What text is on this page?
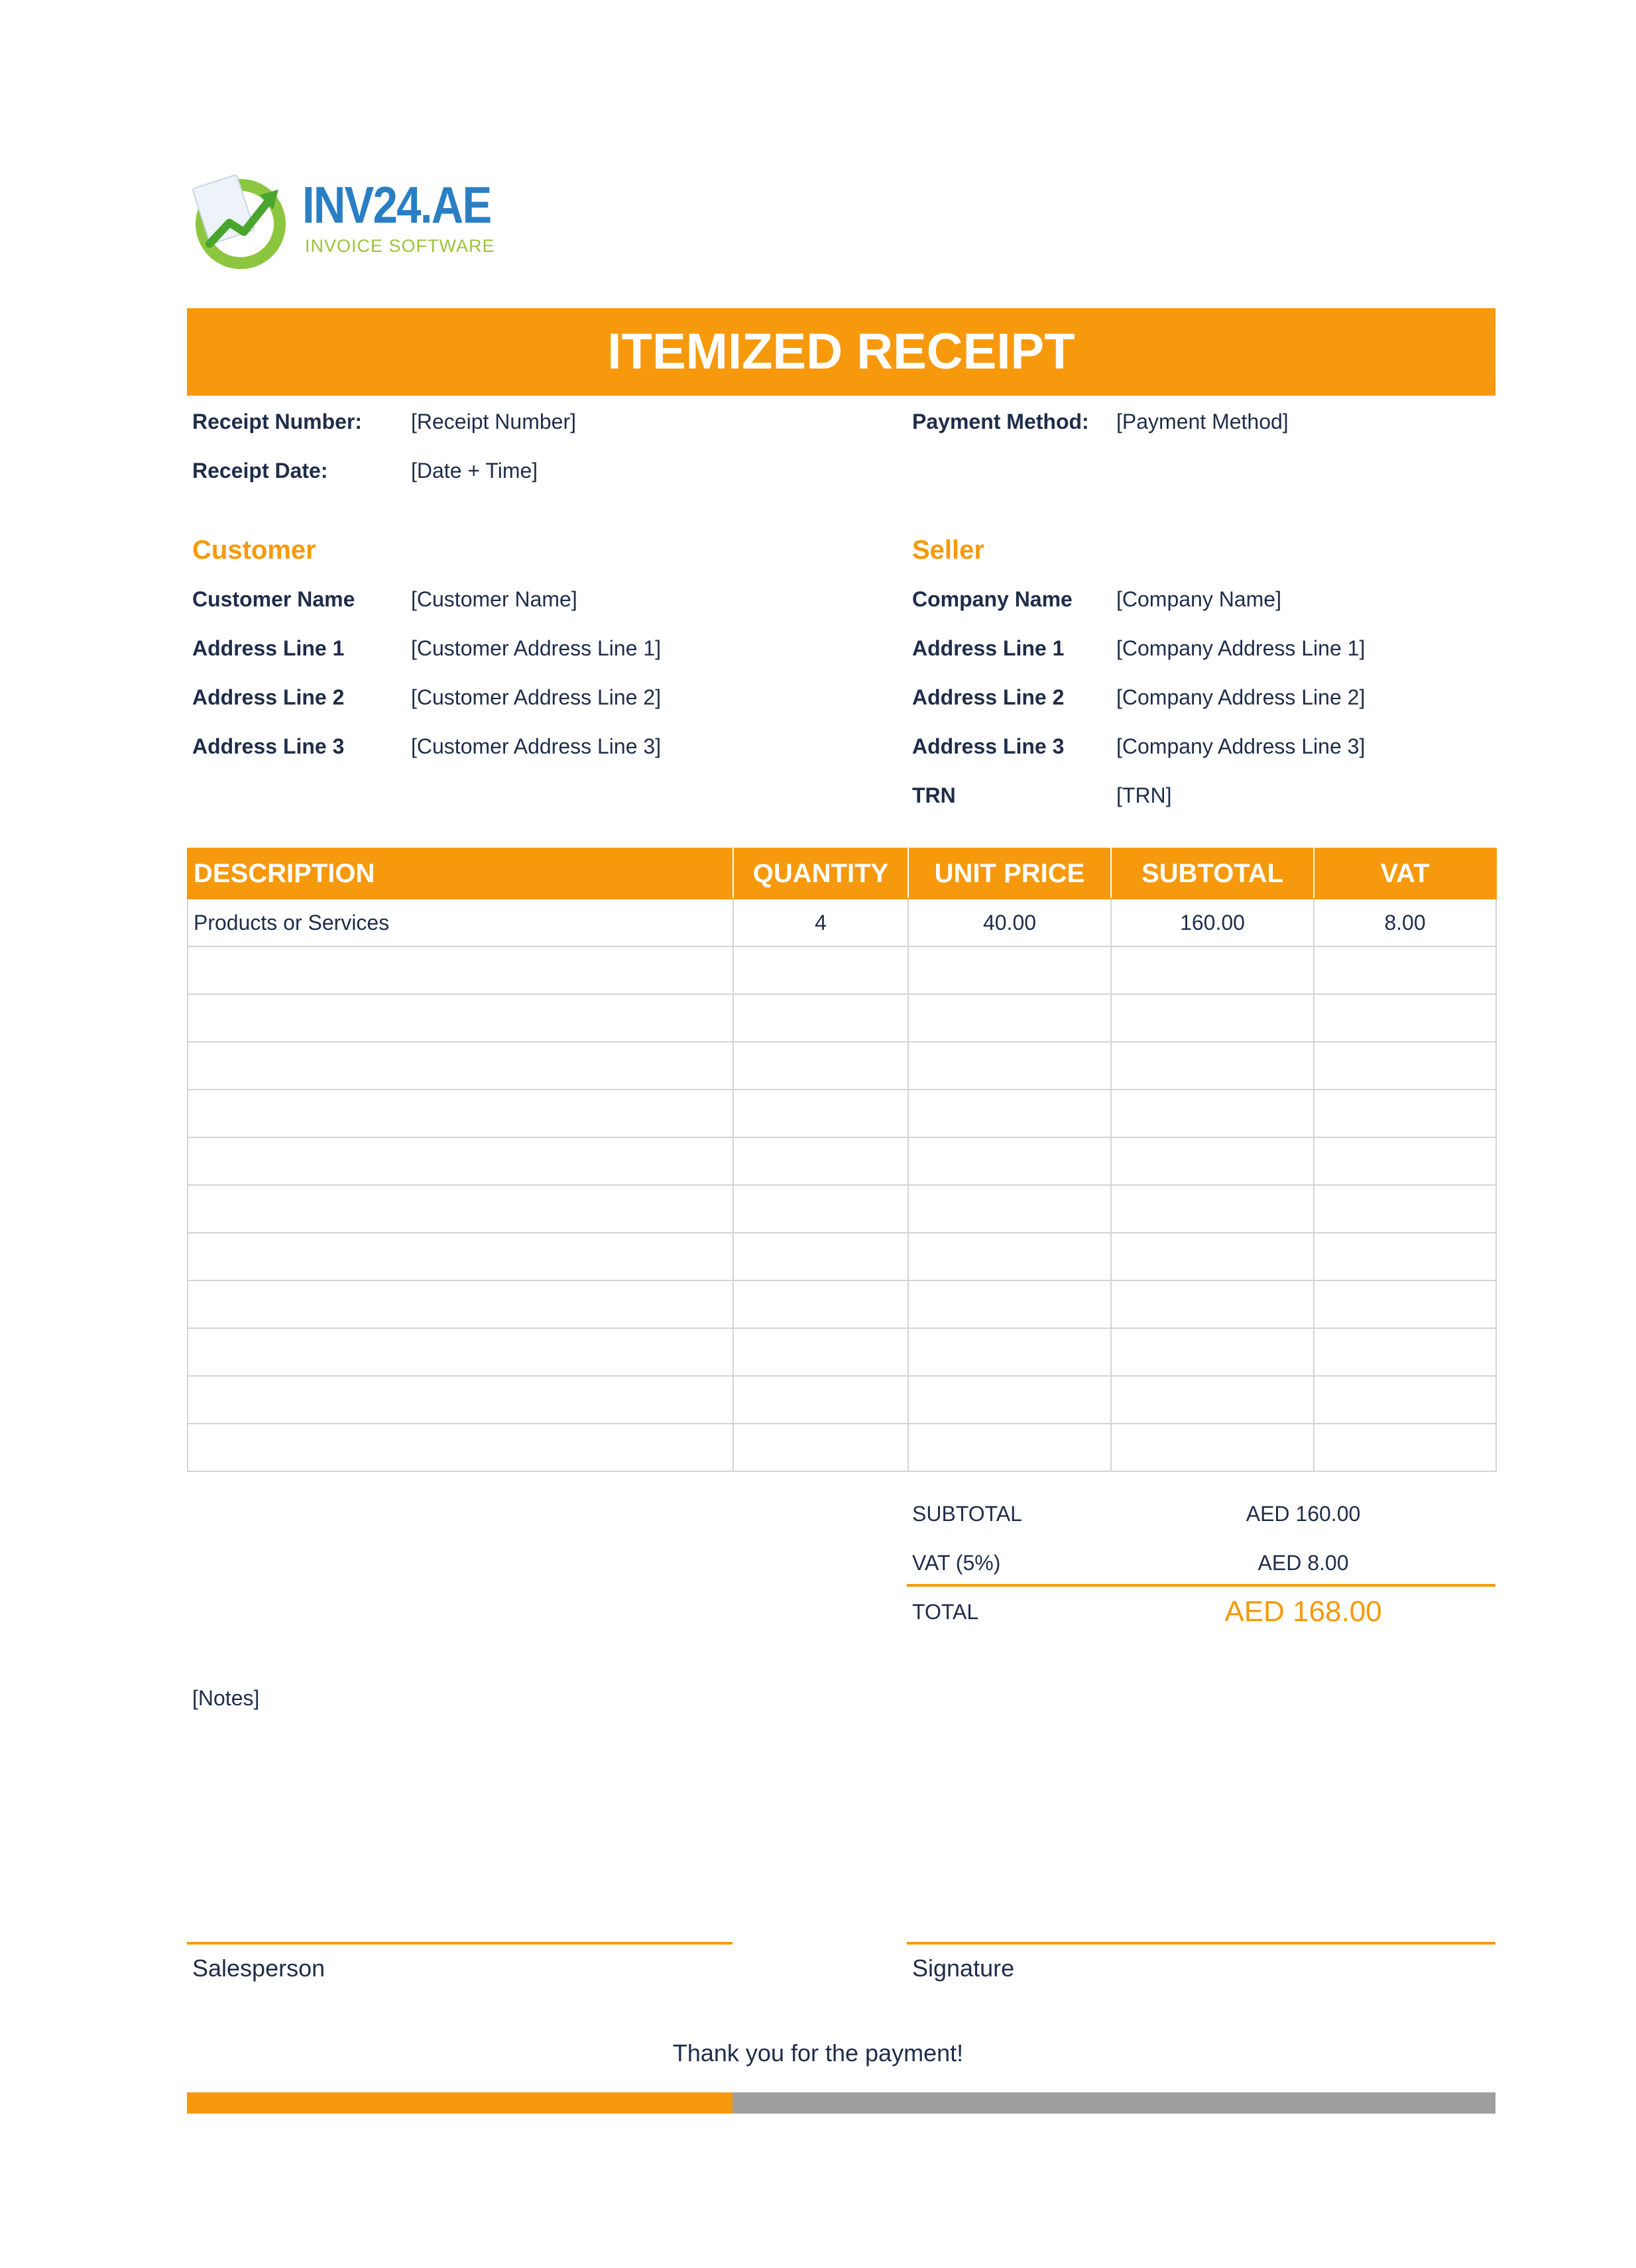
INV24.AE
INVOICE SOFTWARE
ITEMIZED RECEIPT
Receipt Number: [Receipt Number]
Receipt Date:	[Date + Time]
Payment Method: [Payment Method]
Customer
Customer Name	[Customer Name]
Address Line 1	[Customer Address Line 1]
Address Line 2	[Customer Address Line 2]
Address Line 3	[Customer Address Line 3]
Seller
Company Name [Company Name]
Address Line 1 [Company Address Line 1]
Address Line 2 [Company Address Line 2]
Address Line 3 [Company Address Line 3]
TRN	[TRN]
DESCRIPTION	QUANTITY	UNIT PRICE	SUBTOTAL	VAT
Products or Services	4	40.00	160.00	8.00

SUBTOTAL	AED 160.00
VAT (5%)	AED 8.00
TOTAL	AED 168.00
[Notes]
Salesperson	Signature
Thank you for the payment!
